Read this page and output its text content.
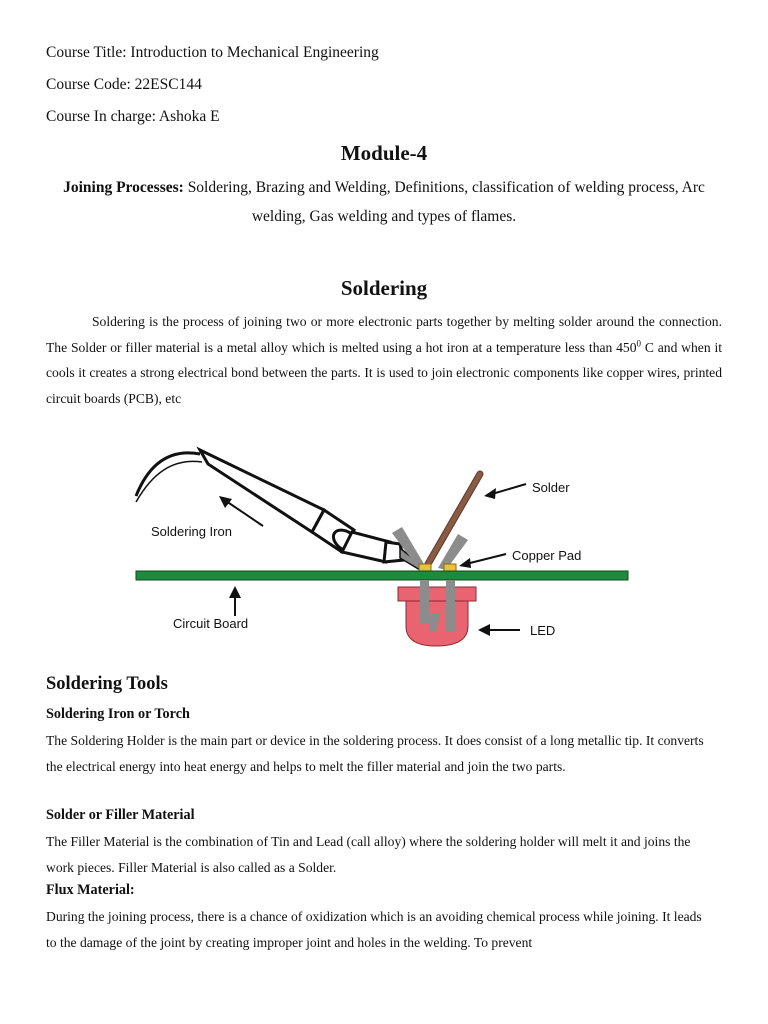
Course Title: Introduction to Mechanical Engineering
Course Code: 22ESC144
Course In charge: Ashoka E
Module-4
Joining Processes: Soldering, Brazing and Welding, Definitions, classification of welding process, Arc welding, Gas welding and types of flames.
Soldering
Soldering is the process of joining two or more electronic parts together by melting solder around the connection. The Solder or filler material is a metal alloy which is melted using a hot iron at a temperature less than $450^0$ C and when it cools it creates a strong electrical bond between the parts. It is used to join electronic components like copper wires, printed circuit boards (PCB), etc
Solder
Soldering Iron
Copper Pad
Circuit Board	LED
Soldering Tools
Soldering Iron or Torch
The Soldering Holder is the main part or device in the soldering process. It does consist of a long metallic tip. It converts the electrical energy into heat energy and helps to melt the filler material and join the two parts.
Solder or Filler Material
The Filler Material is the combination of Tin and Lead (call alloy) where the soldering holder will melt it and joins the work pieces. Filler Material is also called as a Solder.
Flux Material:
During the joining process, there is a chance of oxidization which is an avoiding chemical process while joining. It leads to the damage of the joint by creating improper joint and holes in the welding. To prevent
